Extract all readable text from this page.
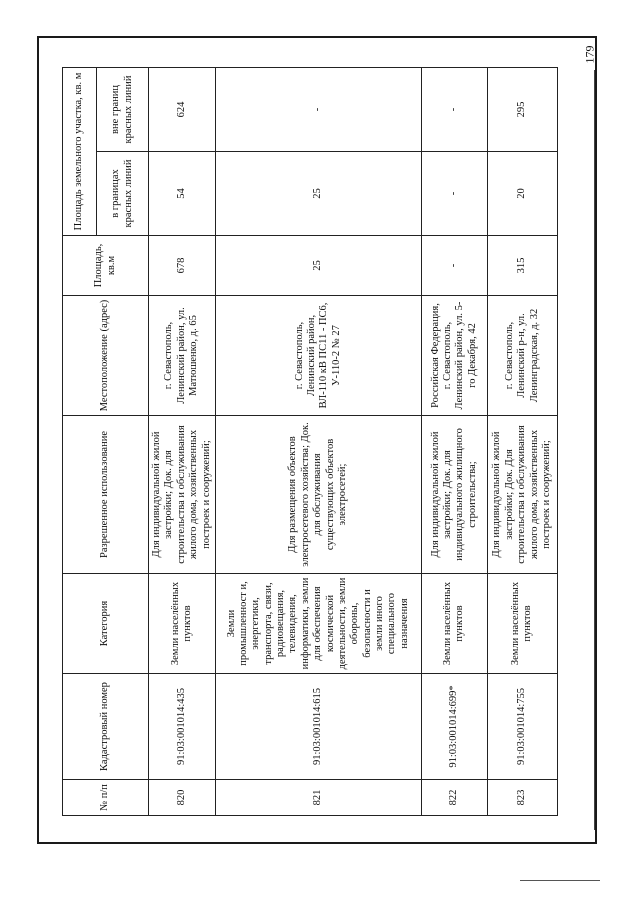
179
№ п/п	Кадастровый номер	Категория	Разрешенное использование	Местоположение (адрес)	Площадь, кв.м	Площадь земельного участка, кв. м	
						в границах красных линий	вне границ красных линий
820	91:03:001014:435	Земли населённых пунктов	Для индивидуальной жилой застройки; Док. для строительства и обслуживания жилого дома, хозяйственных построек и сооружений;	г. Севастополь, Ленинский район, ул. Матюшенко, д. 65	678	54	624
821	91:03:001014:615	Земли промышленност и, энергетики, транспорта, связи, радиовещания, телевидения, информатики, земли для обеспечения космической деятельности, земли обороны, безопасности и земли иного специального назначения	Для размещения объектов электросетевого хозяйства; Док. для обслуживания существующих объектов электросетей;	г. Севастополь, Ленинский район, ВЛ-110 кВ ПС11 - ПС6, У-110-2 № 27	25	25	-
822	91:03:001014:699*	Земли населённых пунктов	Для индивидуальной жилой застройки; Док. для индивидуального жилищного строительства;	Российская Федерация, г. Севастополь, Ленинский район, ул. 5-го Декабря, 42	-	-	-
823	91:03:001014:755	Земли населённых пунктов	Для индивидуальной жилой застройки; Док. Для строительства и обслуживания жилого дома, хозяйственных построек и сооружений;	г. Севастополь, Ленинский р-н, ул. Ленинградская, д. 32	315	20	295
